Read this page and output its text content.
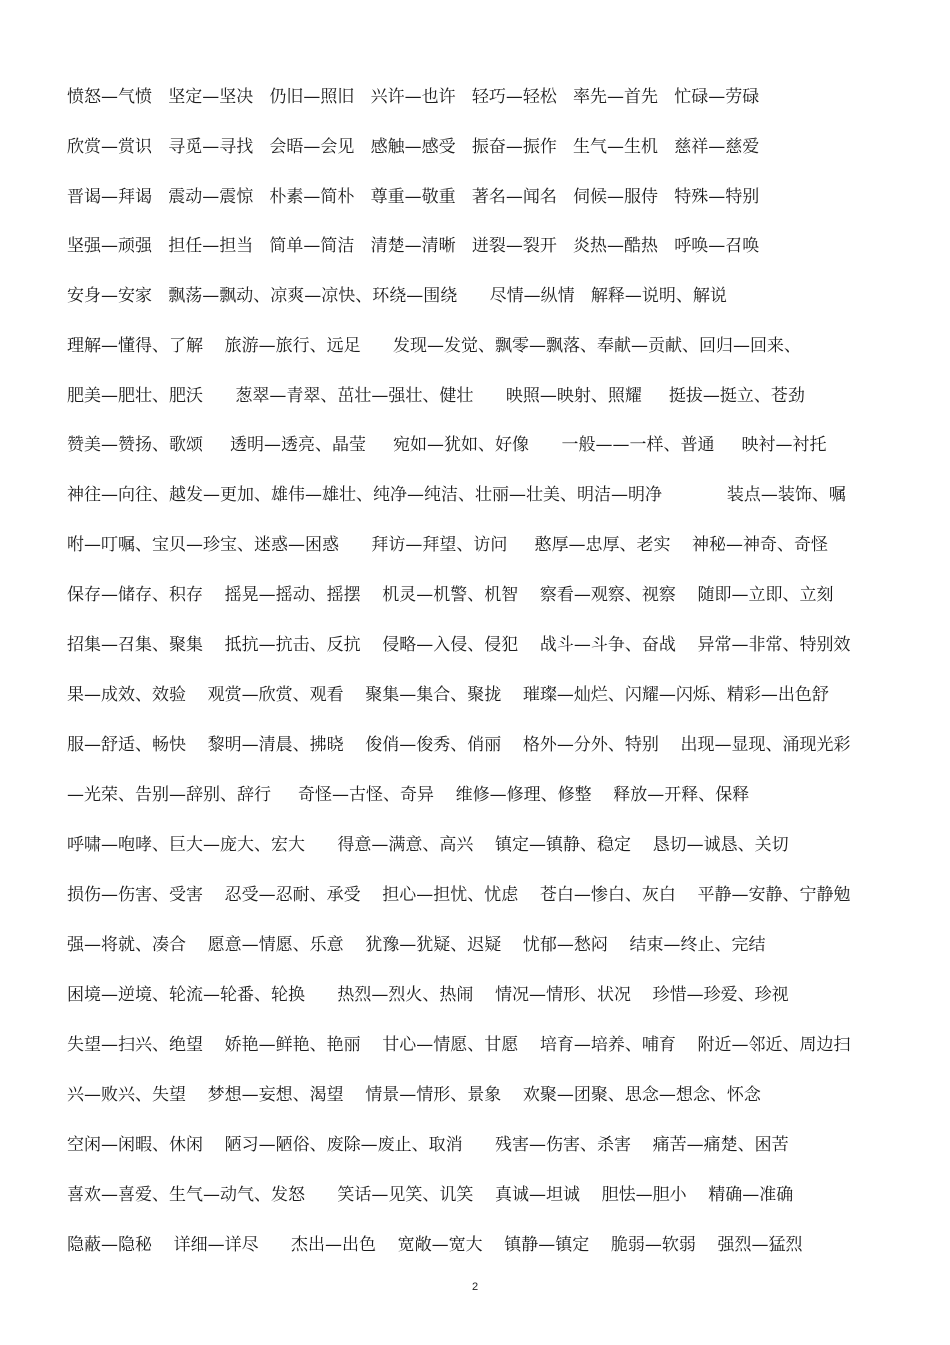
愤怒—气愤   坚定—坚决   仍旧—照旧   兴许—也许   轻巧—轻松   率先—首先   忙碌—劳碌
欣赏—赏识   寻觅—寻找   会晤—会见   感触—感受   振奋—振作   生气—生机   慈祥—慈爱
晋谒—拜谒   震动—震惊   朴素—简朴   尊重—敬重   著名—闻名   伺候—服侍   特殊—特别
坚强—顽强   担任—担当   简单—简洁   清楚—清晰   迸裂—裂开   炎热—酷热   呼唤—召唤
安身—安家   飘荡—飘动、凉爽—凉快、环绕—围绕      尽情—纵情   解释—说明、解说
理解—懂得、了解    旅游—旅行、远足      发现—发觉、飘零—飘落、奉献—贡献、回归—回来、
肥美—肥壮、肥沃      葱翠—青翠、茁壮—强壮、健壮      映照—映射、照耀     挺拔—挺立、苍劲
赞美—赞扬、歌颂     透明—透亮、晶莹     宛如—犹如、好像      一般——一样、普通     映衬—衬托
神往—向往、越发—更加、雄伟—雄壮、纯净—纯洁、壮丽—壮美、明洁—明净            装点—装饰、嘱
咐—叮嘱、宝贝—珍宝、迷惑—困惑      拜访—拜望、访问     憨厚—忠厚、老实    神秘—神奇、奇怪
保存—储存、积存    摇晃—摇动、摇摆    机灵—机警、机智    察看—观察、视察    随即—立即、立刻
招集—召集、聚集    抵抗—抗击、反抗    侵略—入侵、侵犯    战斗—斗争、奋战    异常—非常、特别效
果—成效、效验    观赏—欣赏、观看    聚集—集合、聚拢    璀璨—灿烂、闪耀—闪烁、精彩—出色舒
服—舒适、畅快    黎明—清晨、拂晓    俊俏—俊秀、俏丽    格外—分外、特别    出现—显现、涌现光彩
—光荣、告别—辞别、辞行     奇怪—古怪、奇异    维修—修理、修整    释放—开释、保释
呼啸—咆哮、巨大—庞大、宏大      得意—满意、高兴    镇定—镇静、稳定    恳切—诚恳、关切
损伤—伤害、受害    忍受—忍耐、承受    担心—担忧、忧虑    苍白—惨白、灰白    平静—安静、宁静勉
强—将就、凑合    愿意—情愿、乐意    犹豫—犹疑、迟疑    忧郁—愁闷    结束—终止、完结
困境—逆境、轮流—轮番、轮换      热烈—烈火、热闹    情况—情形、状况    珍惜—珍爱、珍视
失望—扫兴、绝望    娇艳—鲜艳、艳丽    甘心—情愿、甘愿    培育—培养、哺育    附近—邻近、周边扫
兴—败兴、失望    梦想—妄想、渴望    情景—情形、景象    欢聚—团聚、思念—想念、怀念
空闲—闲暇、休闲    陋习—陋俗、废除—废止、取消      残害—伤害、杀害    痛苦—痛楚、困苦
喜欢—喜爱、生气—动气、发怒      笑话—见笑、讥笑    真诚—坦诚    胆怯—胆小    精确—准确
隐蔽—隐秘    详细—详尽      杰出—出色    宽敞—宽大    镇静—镇定    脆弱—软弱    强烈—猛烈
2
